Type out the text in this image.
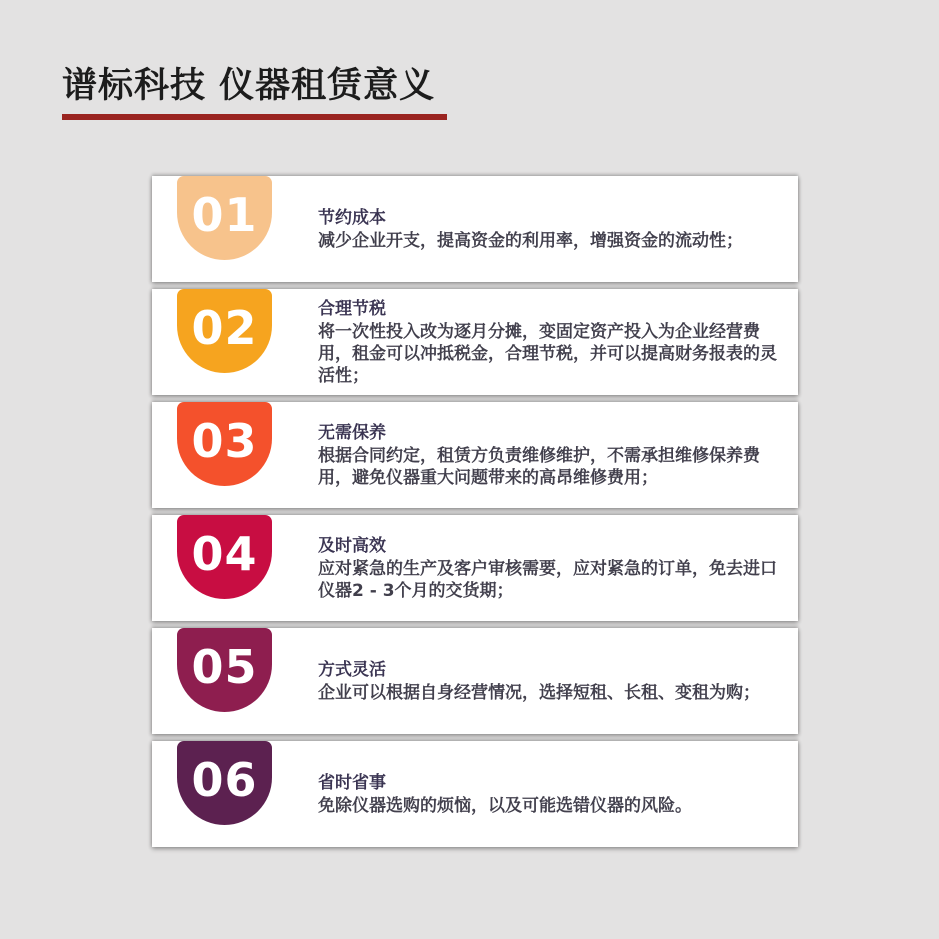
谱标科技 仪器租赁意义
01	节约成本
减少企业开支，提高资金的利用率，增强资金的流动性；
02	合理节税
将一次性投入改为逐月分摊，变固定资产投入为企业经营费用，租金可以冲抵税金，合理节税，并可以提高财务报表的灵活性；
03	无需保养
根据合同约定，租赁方负责维修维护，不需承担维修保养费用，避免仪器重大问题带来的高昂维修费用；
04	及时高效
应对紧急的生产及客户审核需要，应对紧急的订单，免去进口仪器2 - 3个月的交货期；
05	方式灵活
企业可以根据自身经营情况，选择短租、长租、变租为购；
06	省时省事
免除仪器选购的烦恼，以及可能选错仪器的风险。
